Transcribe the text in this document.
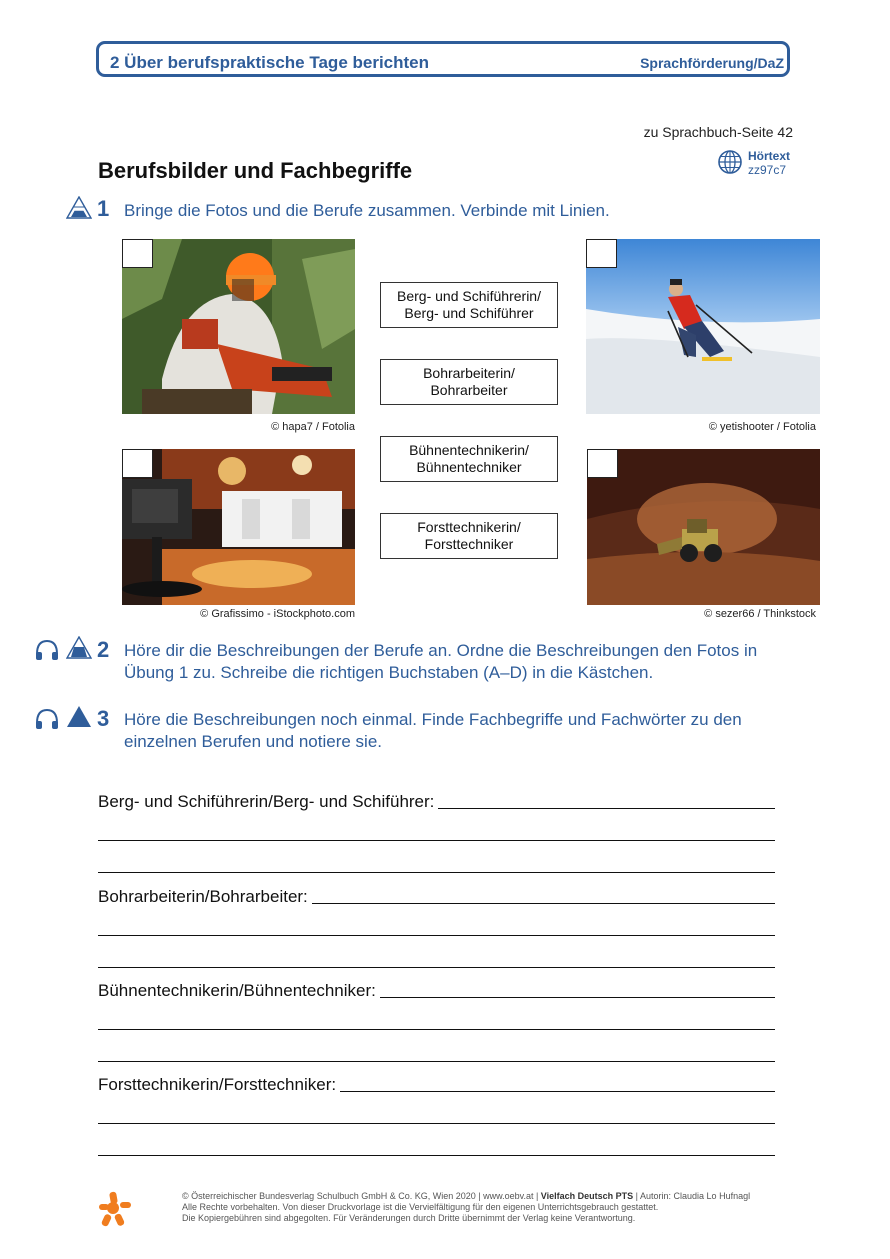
2 Über berufspraktische Tage berichten	Sprachförderung/DaZ
zu Sprachbuch-Seite 42
Hörtext
zz97c7
Berufsbilder und Fachbegriffe
1 Bringe die Fotos und die Berufe zusammen. Verbinde mit Linien.
© hapa7 / Fotolia	© yetishooter / Fotolia
© Grafissimo - iStockphoto.com	© sezer66 / Thinkstock
Berg- und Schiführerin/
Berg- und Schiführer
Bohrarbeiterin/
Bohrarbeiter
Bühnentechnikerin/
Bühnentechniker
Forsttechnikerin/
Forsttechniker
2 Höre dir die Beschreibungen der Berufe an. Ordne die Beschreibungen den Fotos in
Übung 1 zu. Schreibe die richtigen Buchstaben (A–D) in die Kästchen.
3 Höre die Beschreibungen noch einmal. Finde Fachbegriffe und Fachwörter zu den
einzelnen Berufen und notiere sie.
Berg- und Schiführerin/Berg- und Schiführer:
Bohrarbeiterin/Bohrarbeiter:
Bühnentechnikerin/Bühnentechniker:
Forsttechnikerin/Forsttechniker:
© Österreichischer Bundesverlag Schulbuch GmbH & Co. KG, Wien 2020 | www.oebv.at | Vielfach Deutsch PTS | Autorin: Claudia Lo Hufnagl
Alle Rechte vorbehalten. Von dieser Druckvorlage ist die Vervielfältigung für den eigenen Unterrichtsgebrauch gestattet.
Die Kopiergebühren sind abgegolten. Für Veränderungen durch Dritte übernimmt der Verlag keine Verantwortung.
